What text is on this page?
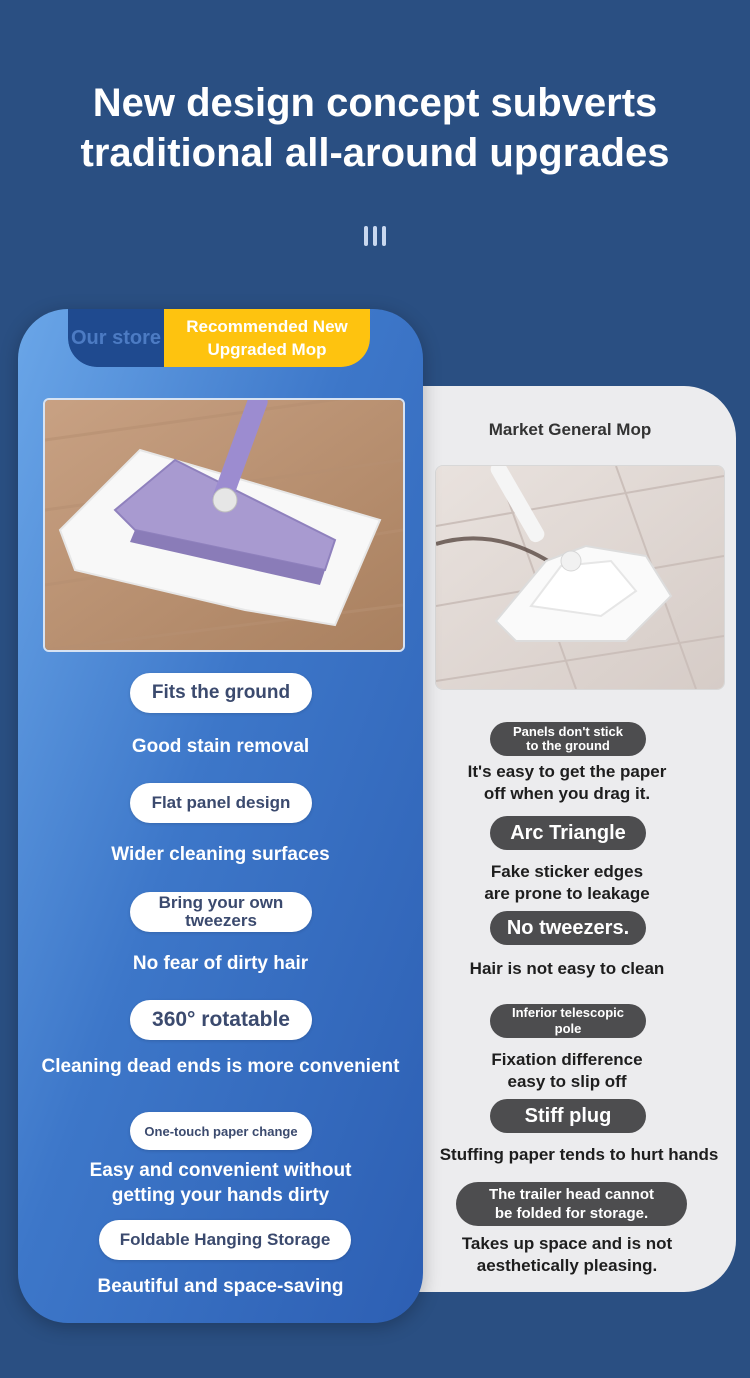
New design concept subverts
traditional all-around upgrades
Market General Mop
Our store
Recommended New
Upgraded Mop
Fits the ground
Good stain removal
Flat panel design
Wider cleaning surfaces
Bring your own tweezers
No fear of dirty hair
360° rotatable
Cleaning dead ends is more convenient
One-touch paper change
Easy and convenient without
getting your hands dirty
Foldable Hanging Storage
Beautiful and space-saving
Panels don't stick
to the ground
It's easy to get the paper
off when you drag it.
Arc Triangle
Fake sticker edges
are prone to leakage
No tweezers.
Hair is not easy to clean
Inferior telescopic pole
Fixation difference
easy to slip off
Stiff plug
Stuffing paper tends to hurt hands
The trailer head cannot
be folded for storage.
Takes up space and is not
aesthetically pleasing.
